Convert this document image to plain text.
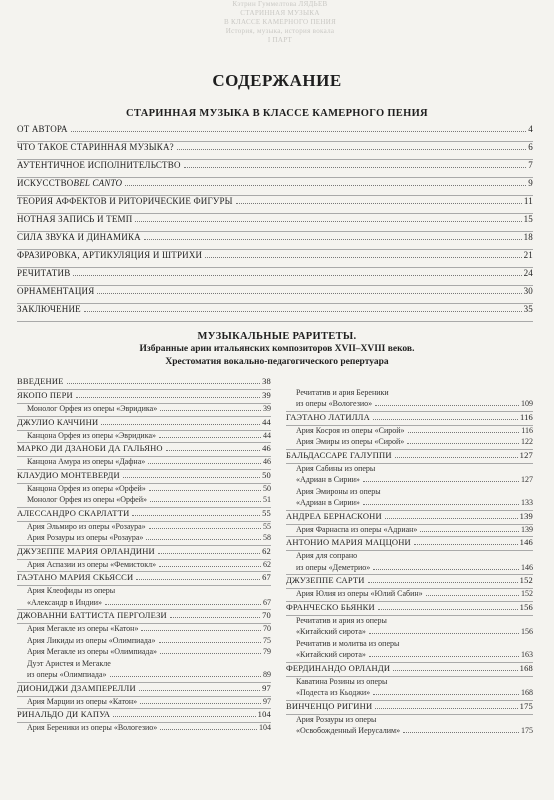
Кэтрин Гуммелтова ЛЯДЬЕВ
СТАРИННАЯ МУЗЫКА
В КЛАССЕ КАМЕРНОГО ПЕНИЯ
История, музыка, история вокала
I ПАРТ
СОДЕРЖАНИЕ
СТАРИННАЯ МУЗЫКА В КЛАССЕ КАМЕРНОГО ПЕНИЯ
ОТ АВТОРА	4
ЧТО ТАКОЕ СТАРИННАЯ МУЗЫКА?	6
АУТЕНТИЧНОЕ ИСПОЛНИТЕЛЬСТВО	7
ИСКУССТВО BEL CANTO	9
ТЕОРИЯ АФФЕКТОВ И РИТОРИЧЕСКИЕ ФИГУРЫ	11
НОТНАЯ ЗАПИСЬ И ТЕМП	15
СИЛА ЗВУКА И ДИНАМИКА	18
ФРАЗИРОВКА, АРТИКУЛЯЦИЯ И ШТРИХИ	21
РЕЧИТАТИВ	24
ОРНАМЕНТАЦИЯ	30
ЗАКЛЮЧЕНИЕ	35
МУЗЫКАЛЬНЫЕ РАРИТЕТЫ.
Избранные арии итальянских композиторов XVII–XVIII веков.
Хрестоматия вокально-педагогического репертуара
ВВЕДЕНИЕ	38
ЯКОПО ПЕРИ	39
Монолог Орфея из оперы «Эвридика»	39
ДЖУЛИО КАЧЧИНИ	44
Канцона Орфея из оперы «Эвридика»	44
МАРКО ДИ ДЗАНОБИ ДА ГАЛЬЯНО	46
Канцона Амура из оперы «Дафна»	46
КЛАУДИО МОНТЕВЕРДИ	50
Канцона Орфея из оперы «Орфей»	50
Монолог Орфея из оперы «Орфей»	51
АЛЕССАНДРО СКАРЛАТТИ	55
Ария Эльмиро из оперы «Розаура»	55
Ария Розауры из оперы «Розаура»	58
ДЖУЗЕППЕ МАРИЯ ОРЛАНДИНИ	62
Ария Аспазии из оперы «Фемистокл»	62
ГАЭТАНО МАРИЯ СКЬЯССИ	67
Ария Клеофиды из оперы
«Александр в Индии»	67
ДЖОВАННИ БАТТИСТА ПЕРГОЛЕЗИ	70
Ария Мегакле из оперы «Катон»	70
Ария Ликиды из оперы «Олимпиада»	75
Ария Мегакле из оперы «Олимпиада»	79
Дуэт Аристея и Мегакле
из оперы «Олимпиада»	89
ДИОНИДЖИ ДЗАМПЕРЕЛЛИ	97
Ария Марции из оперы «Катон»	97
РИНАЛЬДО ДИ КАПУА	104
Ария Береники из оперы «Вологезио»	104
Речитатив и ария Береники
из оперы «Вологезио»	109
ГАЭТАНО ЛАТИЛЛА	116
Ария Косроя из оперы «Сирой»	116
Ария Эмиры из оперы «Сирой»	122
БАЛЬДАССАРЕ ГАЛУППИ	127
Ария Сабины из оперы
«Адриан в Сирии»	127
Ария Эмироны из оперы
«Адриан в Сирии»	133
АНДРЕА БЕРНАСКОНИ	139
Ария Фарнаспа из оперы «Адриан»	139
АНТОНИО МАРИЯ МАЦЦОНИ	146
Ария для сопрано
из оперы «Деметрио»	146
ДЖУЗЕППЕ САРТИ	152
Ария Юлия из оперы «Юлий Сабин»	152
ФРАНЧЕСКО БЬЯНКИ	156
Речитатив и ария из оперы
«Китайский сирота»	156
Речитатив и молитва из оперы
«Китайский сирота»	163
ФЕРДИНАНДО ОРЛАНДИ	168
Каватина Розины из оперы
«Подеста из Кьоджи»	168
ВИНЧЕНЦО РИГИНИ	175
Ария Розауры из оперы
«Освобожденный Иерусалим»	175
